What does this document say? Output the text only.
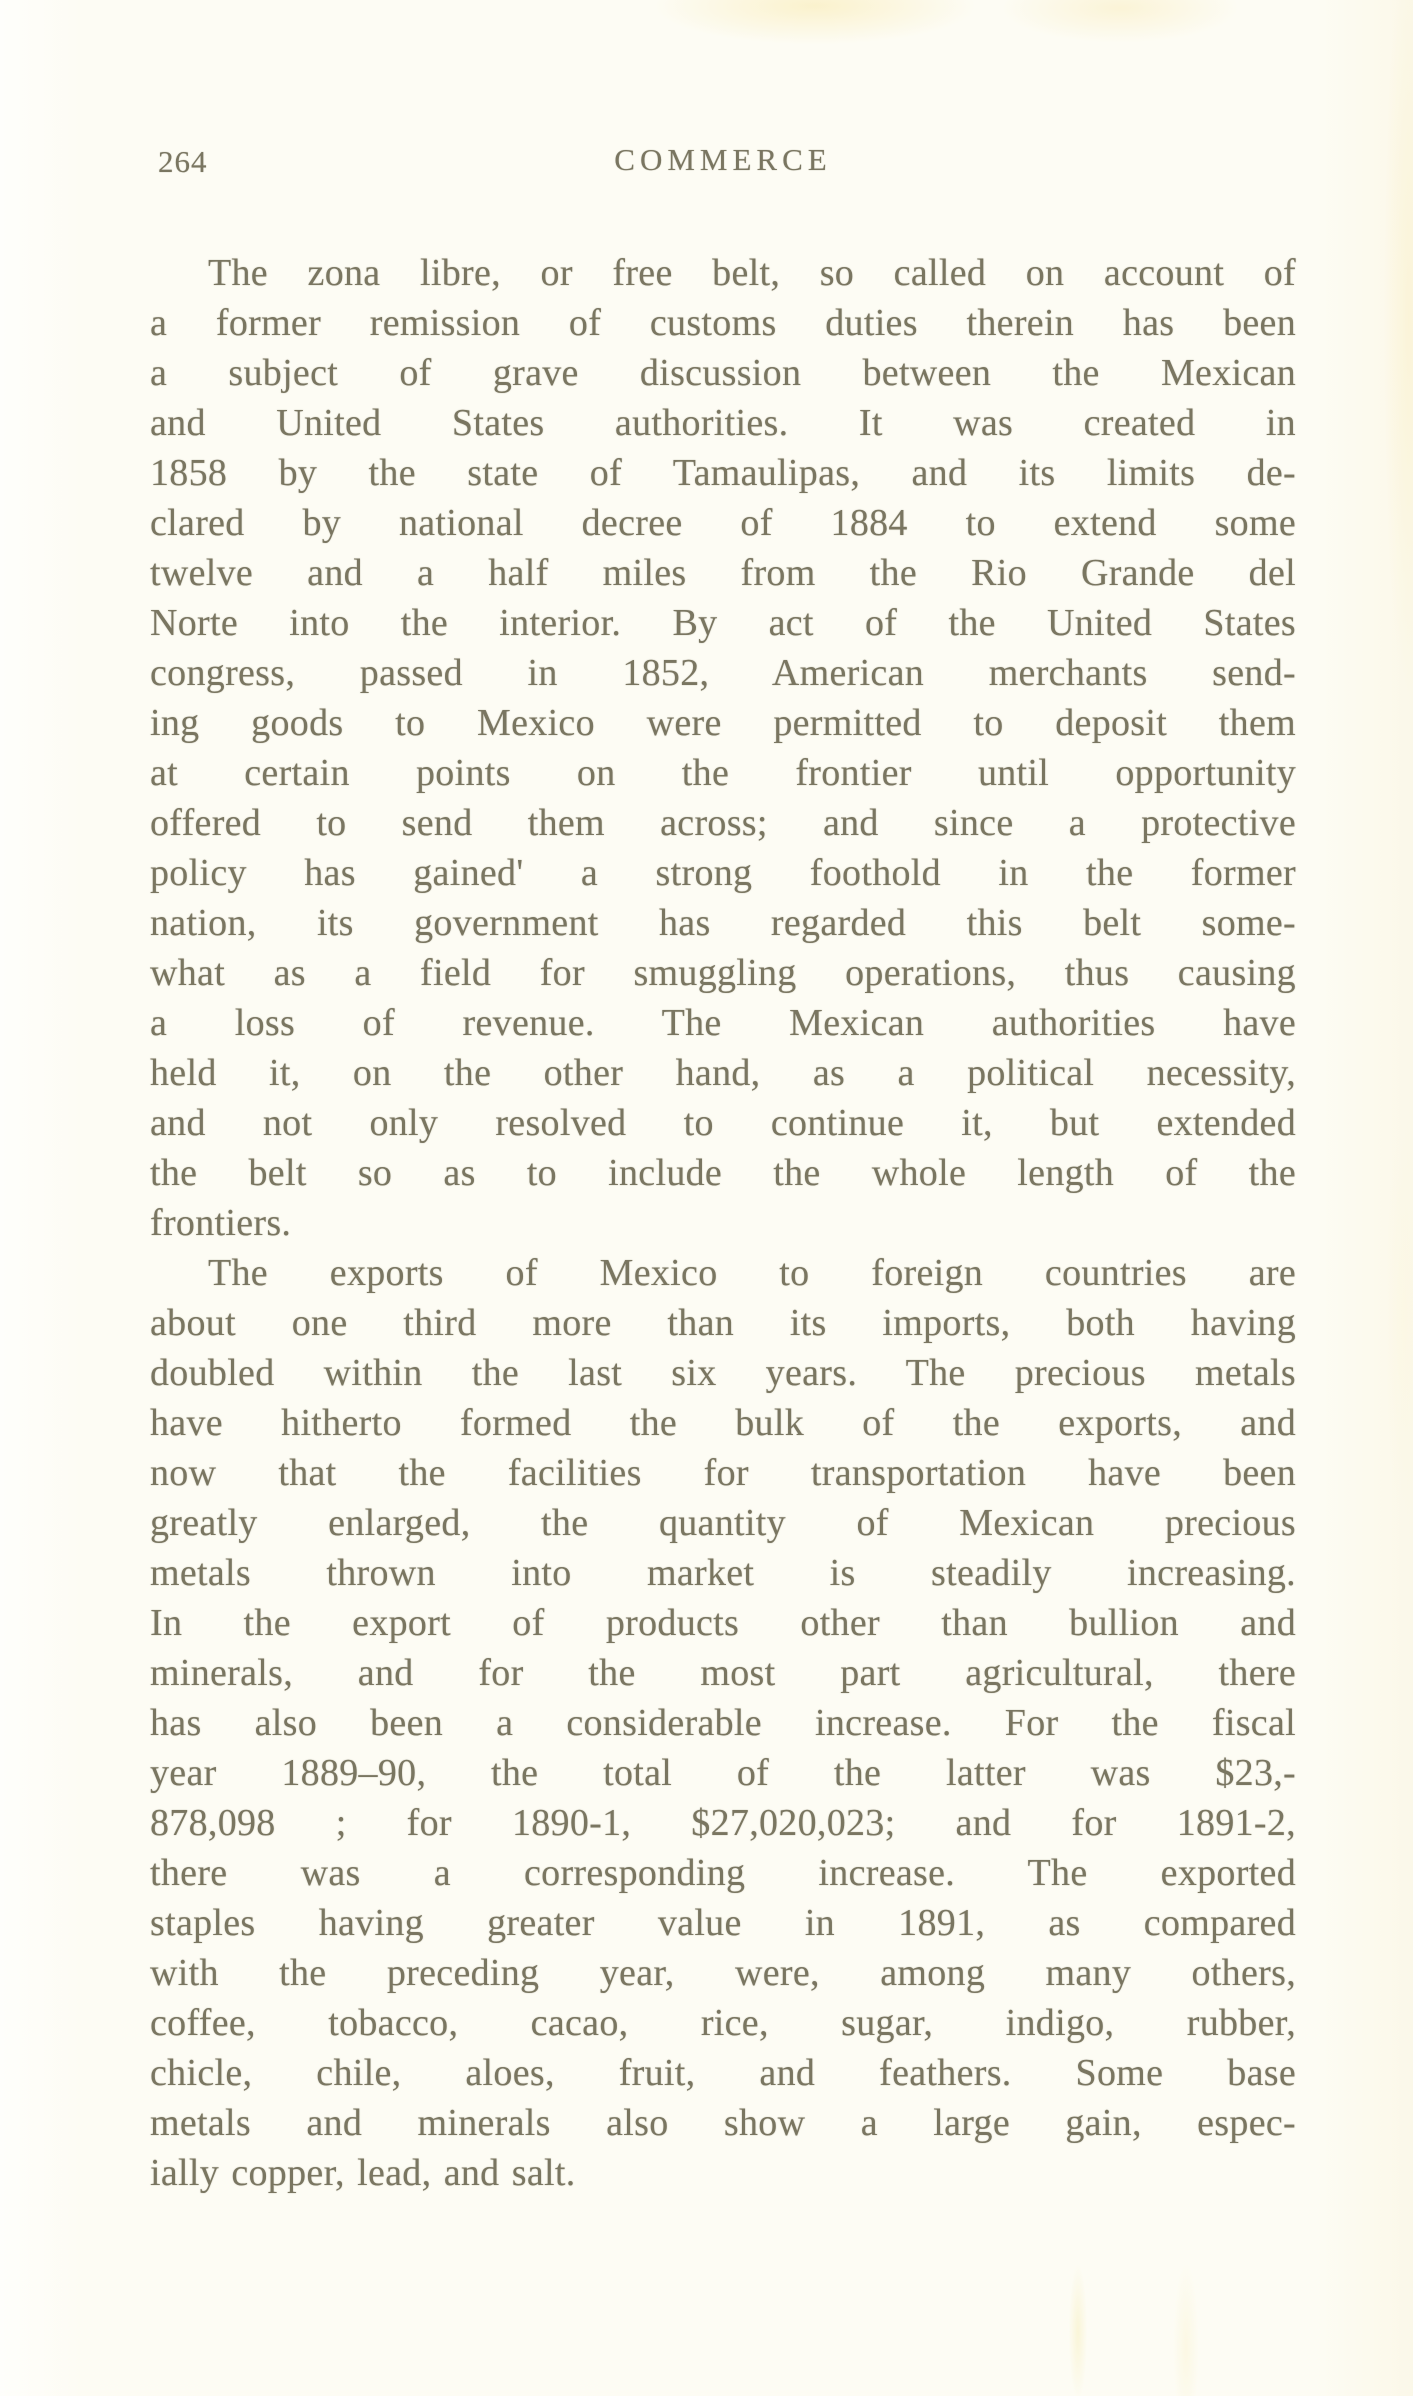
264	COMMERCE
The zona libre, or free belt, so called on account of
a former remission of customs duties therein has been
a subject of grave discussion between the Mexican
and United States authorities. It was created in
1858 by the state of Tamaulipas, and its limits de-
clared by national decree of 1884 to extend some
twelve and a half miles from the Rio Grande del
Norte into the interior. By act of the United States
congress, passed in 1852, American merchants send-
ing goods to Mexico were permitted to deposit them
at certain points on the frontier until opportunity
offered to send them across; and since a protective
policy has gained' a strong foothold in the former
nation, its government has regarded this belt some-
what as a field for smuggling operations, thus causing
a loss of revenue. The Mexican authorities have
held it, on the other hand, as a political necessity,
and not only resolved to continue it, but extended
the belt so as to include the whole length of the
frontiers.
The exports of Mexico to foreign countries are
about one third more than its imports, both having
doubled within the last six years. The precious metals
have hitherto formed the bulk of the exports, and
now that the facilities for transportation have been
greatly enlarged, the quantity of Mexican precious
metals thrown into market is steadily increasing.
In the export of products other than bullion and
minerals, and for the most part agricultural, there
has also been a considerable increase. For the fiscal
year 1889–90, the total of the latter was $23,-
878,098 ; for 1890-1, $27,020,023; and for 1891-2,
there was a corresponding increase. The exported
staples having greater value in 1891, as compared
with the preceding year, were, among many others,
coffee, tobacco, cacao, rice, sugar, indigo, rubber,
chicle, chile, aloes, fruit, and feathers. Some base
metals and minerals also show a large gain, espec-
ially copper, lead, and salt.
